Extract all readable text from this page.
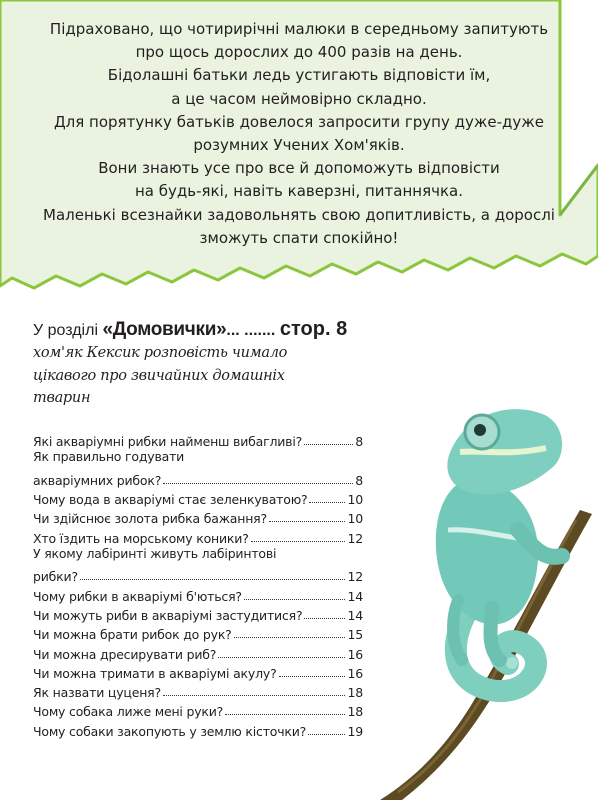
Підраховано, що чотирирічні малюки в середньому запитують

про щось дорослих до 400 разів на день.

Бідолашні батьки ледь устигають відповісти їм,

а це часом неймовірно складно.

Для порятунку батьків довелося запросити групу дуже-дуже

розумних Учених Хом'яків.

Вони знають усе про все й допоможуть відповісти

на будь-які, навіть каверзні, питаннячка.

Маленькі всезнайки задовольнять свою допитливість, а дорослі

зможуть спати спокійно!

У розділі «Домовички»... ....... стор. 8
хом'як Кексик розповість чимало цікавого про звичайних домашніх тварин
Які акваріумні рибки найменш вибагливі?	8
Як правильно годувати
акваріумних рибок?	8
Чому вода в акваріумі стає зеленкуватою?	10
Чи здійснює золота рибка бажання?	10
Хто їздить на морському коники?	12
У якому лабіринті живуть лабіринтові
рибки?	12
Чому рибки в акваріумі б'ються?	14
Чи можуть риби в акваріумі застудитися?	14
Чи можна брати рибок до рук?	15
Чи можна дресирувати риб?	16
Чи можна тримати в акваріумі акулу?	16
Як назвати цуценя?	18
Чому собака лиже мені руки?	18
Чому собаки закопують у землю кісточки?	19
